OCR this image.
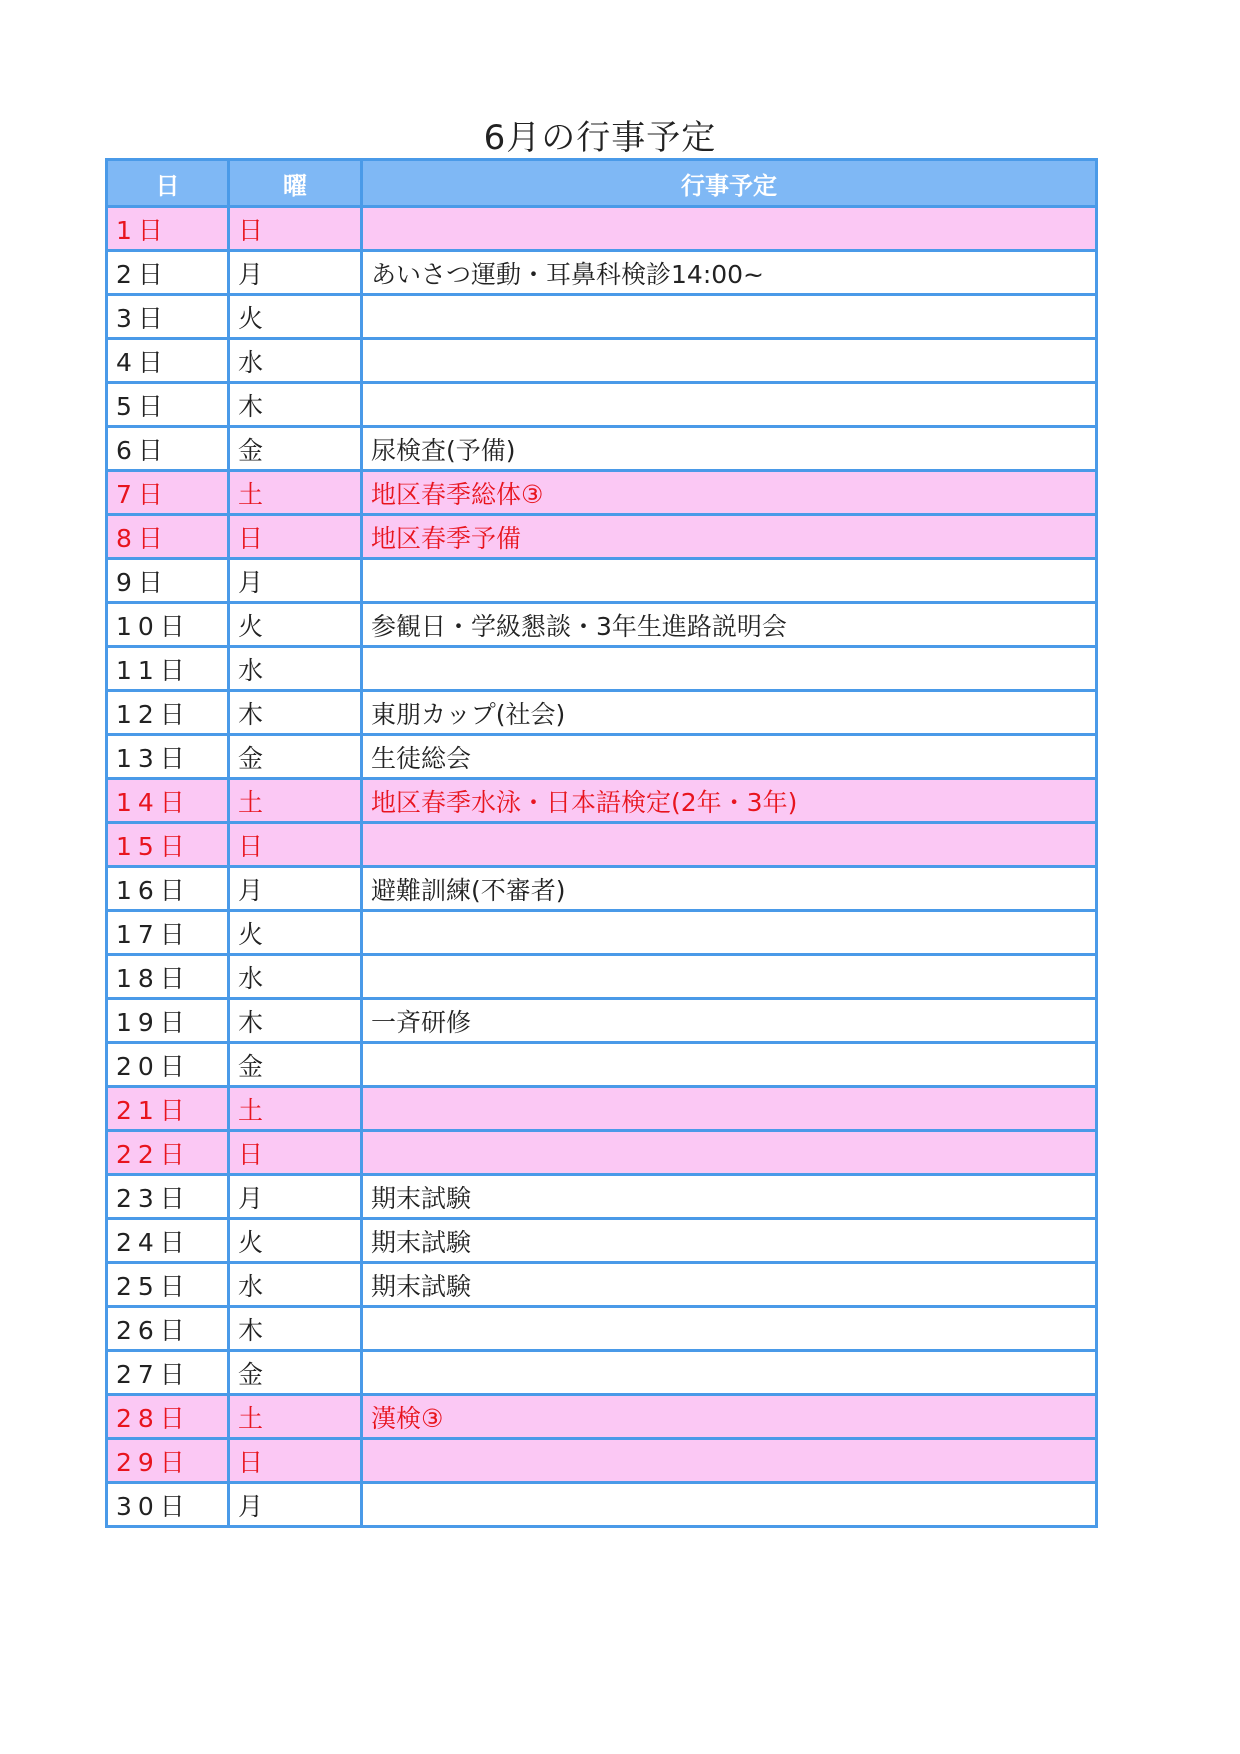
6月の行事予定
日	曜	行事予定
1日	日	
2日	月	あいさつ運動・耳鼻科検診14:00~
3日	火	
4日	水	
5日	木	
6日	金	尿検査(予備)
7日	土	地区春季総体③
8日	日	地区春季予備
9日	月	
10日	火	参観日・学級懇談・3年生進路説明会
11日	水	
12日	木	東朋カップ(社会)
13日	金	生徒総会
14日	土	地区春季水泳・日本語検定(2年・3年)
15日	日	
16日	月	避難訓練(不審者)
17日	火	
18日	水	
19日	木	一斉研修
20日	金	
21日	土	
22日	日	
23日	月	期末試験
24日	火	期末試験
25日	水	期末試験
26日	木	
27日	金	
28日	土	漢検③
29日	日	
30日	月	
